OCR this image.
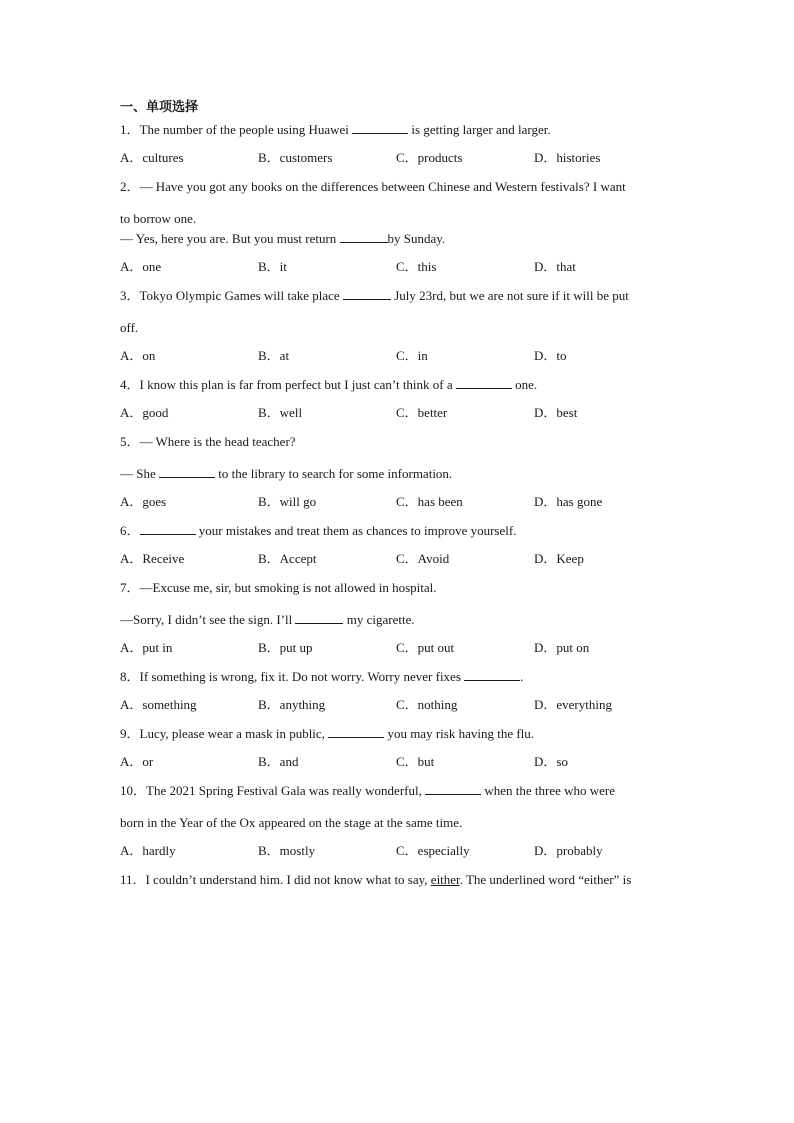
一、单项选择
1．The number of the people using Huawei	is getting larger and larger.
A．cultures	B．customers	C．products	D．histories
2．— Have you got any books on the differences between Chinese and Western festivals? I want
to borrow one.
— Yes, here you are. But you must return	by Sunday.
A．one	B．it	C．this	D．that
3．Tokyo Olympic Games will take place	July 23rd, but we are not sure if it will be put
off.
A．on	B．at	C．in	D．to
4．I know this plan is far from perfect but I just can’t think of a	one.
A．good	B．well	C．better	D．best
5．— Where is the head teacher?
— She	to the library to search for some information.
A．goes	B．will go	C．has been	D．has gone
6．	your mistakes and treat them as chances to improve yourself.
A．Receive	B．Accept	C．Avoid	D．Keep
7．—Excuse me, sir, but smoking is not allowed in hospital.
—Sorry, I didn’t see the sign. I’ll	my cigarette.
A．put in	B．put up	C．put out	D．put on
8．If something is wrong, fix it. Do not worry. Worry never fixes	.
A．something	B．anything	C．nothing	D．everything
9．Lucy, please wear a mask in public,	you may risk having the flu.
A．or	B．and	C．but	D．so
10．The 2021 Spring Festival Gala was really wonderful,	when the three who were
born in the Year of the Ox appeared on the stage at the same time.
A．hardly	B．mostly	C．especially	D．probably
11．I couldn’t understand him. I did not know what to say, either. The underlined word “either” is
